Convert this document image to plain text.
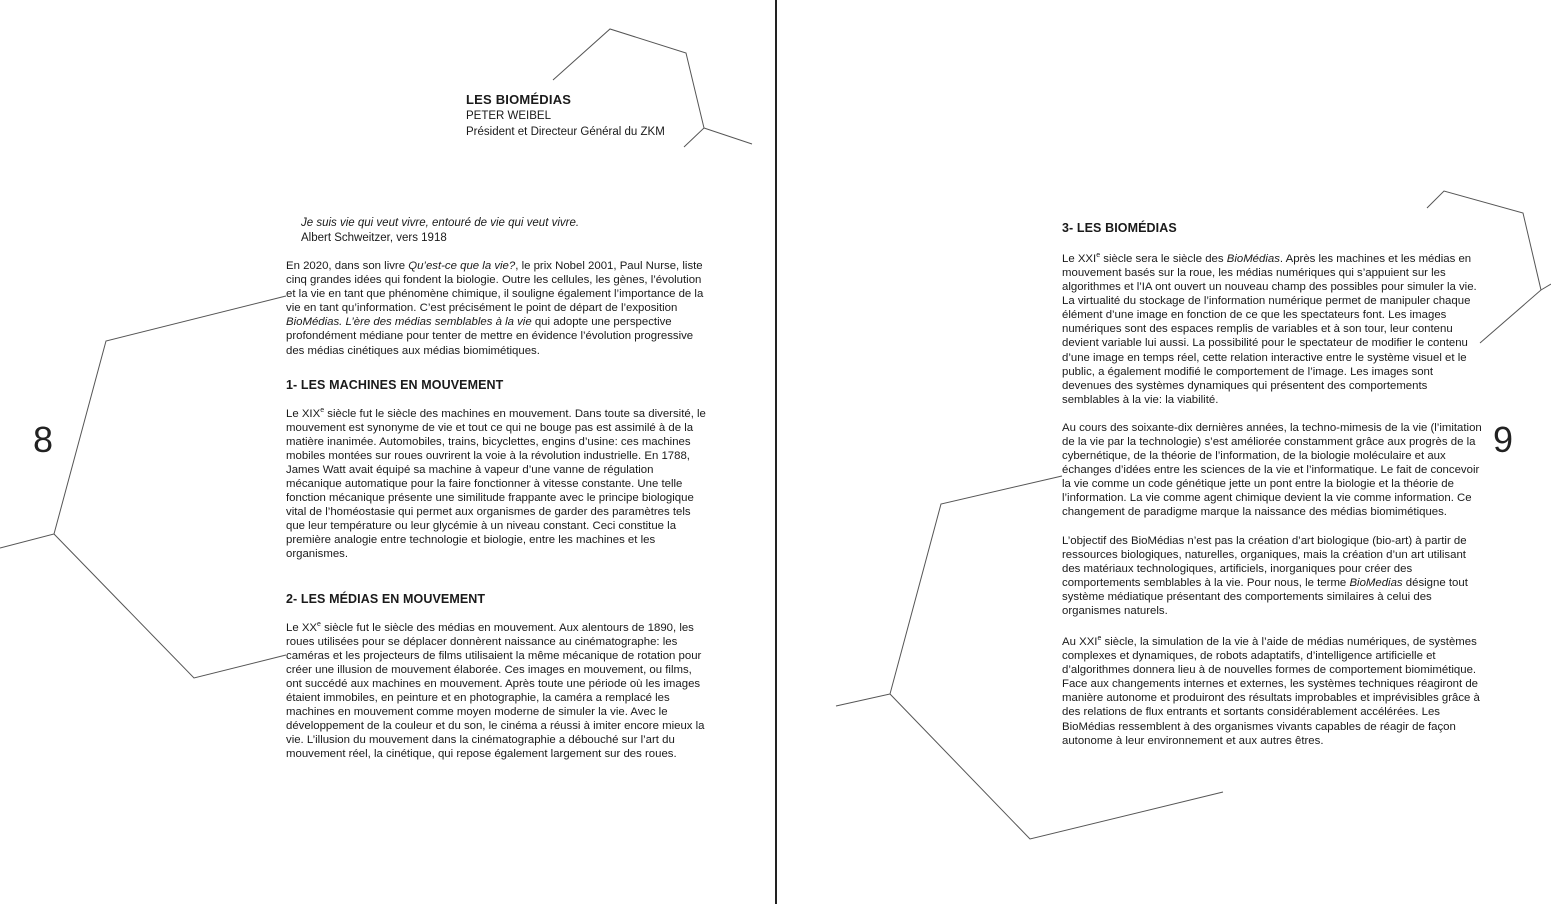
8
LES BIOMÉDIAS
PETER WEIBEL
Président et Directeur Général du ZKM
Je suis vie qui veut vivre, entouré de vie qui veut vivre.
Albert Schweitzer, vers 1918

En 2020, dans son livre Qu’est-ce que la vie?, le prix Nobel 2001, Paul Nurse, liste cinq grandes idées qui fondent la biologie. Outre les cellules, les gènes, l’évolution et la vie en tant que phénomène chimique, il souligne également l’importance de la vie en tant qu’information. C’est précisément le point de départ de l’exposition BioMédias. L’ère des médias semblables à la vie qui adopte une perspective profondément médiane pour tenter de mettre en évidence l’évolution progressive des médias cinétiques aux médias biomimétiques.

1- LES MACHINES EN MOUVEMENT

Le XIXe siècle fut le siècle des machines en mouvement. Dans toute sa diversité, le mouvement est synonyme de vie et tout ce qui ne bouge pas est assimilé à de la matière inanimée. Automobiles, trains, bicyclettes, engins d’usine: ces machines mobiles montées sur roues ouvrirent la voie à la révolution industrielle. En 1788, James Watt avait équipé sa machine à vapeur d’une vanne de régulation mécanique automatique pour la faire fonctionner à vitesse constante. Une telle fonction mécanique présente une similitude frappante avec le principe biologique vital de l’homéostasie qui permet aux organismes de garder des paramètres tels que leur température ou leur glycémie à un niveau constant. Ceci constitue la première analogie entre technologie et biologie, entre les machines et les organismes.

2- LES MÉDIAS EN MOUVEMENT

Le XXe siècle fut le siècle des médias en mouvement. Aux alentours de 1890, les roues utilisées pour se déplacer donnèrent naissance au cinématographe: les caméras et les projecteurs de films utilisaient la même mécanique de rotation pour créer une illusion de mouvement élaborée. Ces images en mouvement, ou films, ont succédé aux machines en mouvement. Après toute une période où les images étaient immobiles, en peinture et en photographie, la caméra a remplacé les machines en mouvement comme moyen moderne de simuler la vie. Avec le développement de la couleur et du son, le cinéma a réussi à imiter encore mieux la vie. L’illusion du mouvement dans la cinématographie a débouché sur l’art du mouvement réel, la cinétique, qui repose également largement sur des roues.

9
3- LES BIOMÉDIAS

Le XXIe siècle sera le siècle des BioMédias. Après les machines et les médias en mouvement basés sur la roue, les médias numériques qui s’appuient sur les algorithmes et l’IA ont ouvert un nouveau champ des possibles pour simuler la vie. La virtualité du stockage de l’information numérique permet de manipuler chaque élément d’une image en fonction de ce que les spectateurs font. Les images numériques sont des espaces remplis de variables et à son tour, leur contenu devient variable lui aussi. La possibilité pour le spectateur de modifier le contenu d’une image en temps réel, cette relation interactive entre le système visuel et le public, a également modifié le comportement de l’image. Les images sont devenues des systèmes dynamiques qui présentent des comportements semblables à la vie: la viabilité.

Au cours des soixante-dix dernières années, la techno-mimesis de la vie (l’imitation de la vie par la technologie) s’est améliorée constamment grâce aux progrès de la cybernétique, de la théorie de l’information, de la biologie moléculaire et aux échanges d’idées entre les sciences de la vie et l’informatique. Le fait de concevoir la vie comme un code génétique jette un pont entre la biologie et la théorie de l’information. La vie comme agent chimique devient la vie comme information. Ce changement de paradigme marque la naissance des médias biomimétiques.

L’objectif des BioMédias n’est pas la création d’art biologique (bio-art) à partir de ressources biologiques, naturelles, organiques, mais la création d’un art utilisant des matériaux technologiques, artificiels, inorganiques pour créer des comportements semblables à la vie. Pour nous, le terme BioMedias désigne tout système médiatique présentant des comportements similaires à celui des organismes naturels.

Au XXIe siècle, la simulation de la vie à l’aide de médias numériques, de systèmes complexes et dynamiques, de robots adaptatifs, d’intelligence artificielle et d’algorithmes donnera lieu à de nouvelles formes de comportement biomimétique. Face aux changements internes et externes, les systèmes techniques réagiront de manière autonome et produiront des résultats improbables et imprévisibles grâce à des relations de flux entrants et sortants considérablement accélérées. Les BioMédias ressemblent à des organismes vivants capables de réagir de façon autonome à leur environnement et aux autres êtres.
